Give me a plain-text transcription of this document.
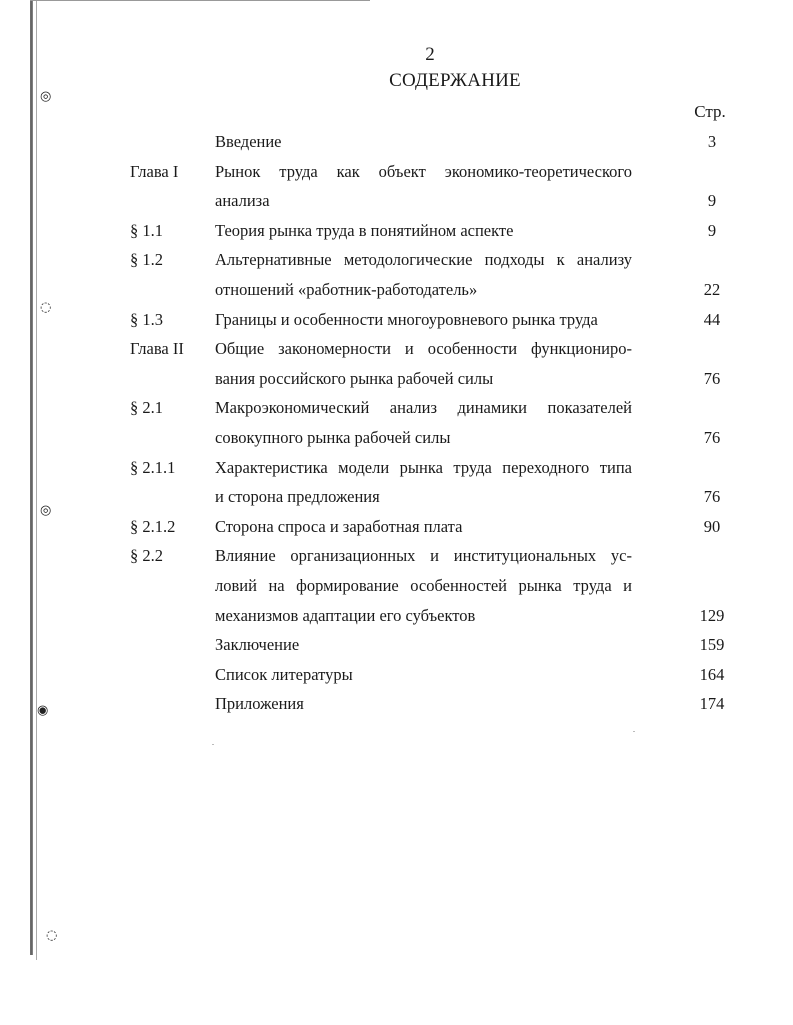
◎
◌
◎
◉
◌
2
СОДЕРЖАНИЕ
Стр.
Введение	3
Глава I Рынок труда как объект экономико-теоретического
анализа	9
§ 1.1	Теория рынка труда в понятийном аспекте	9
§ 1.2	Альтернативные методологические подходы к анализу
отношений «работник-работодатель»	22
§ 1.3	Границы и особенности многоуровневого рынка труда	44
Глава II Общие закономерности и особенности функциониро-
вания российского рынка рабочей силы	76
§ 2.1	Макроэкономический анализ динамики показателей
совокупного рынка рабочей силы	76
§ 2.1.1 Характеристика модели рынка труда переходного типа
и сторона предложения	76
§ 2.1.2 Сторона спроса и заработная плата	90
§ 2.2	Влияние организационных и институциональных ус-
ловий на формирование особенностей рынка труда и
механизмов адаптации его субъектов	129
Заключение	159
Список литературы	164
Приложения	174
